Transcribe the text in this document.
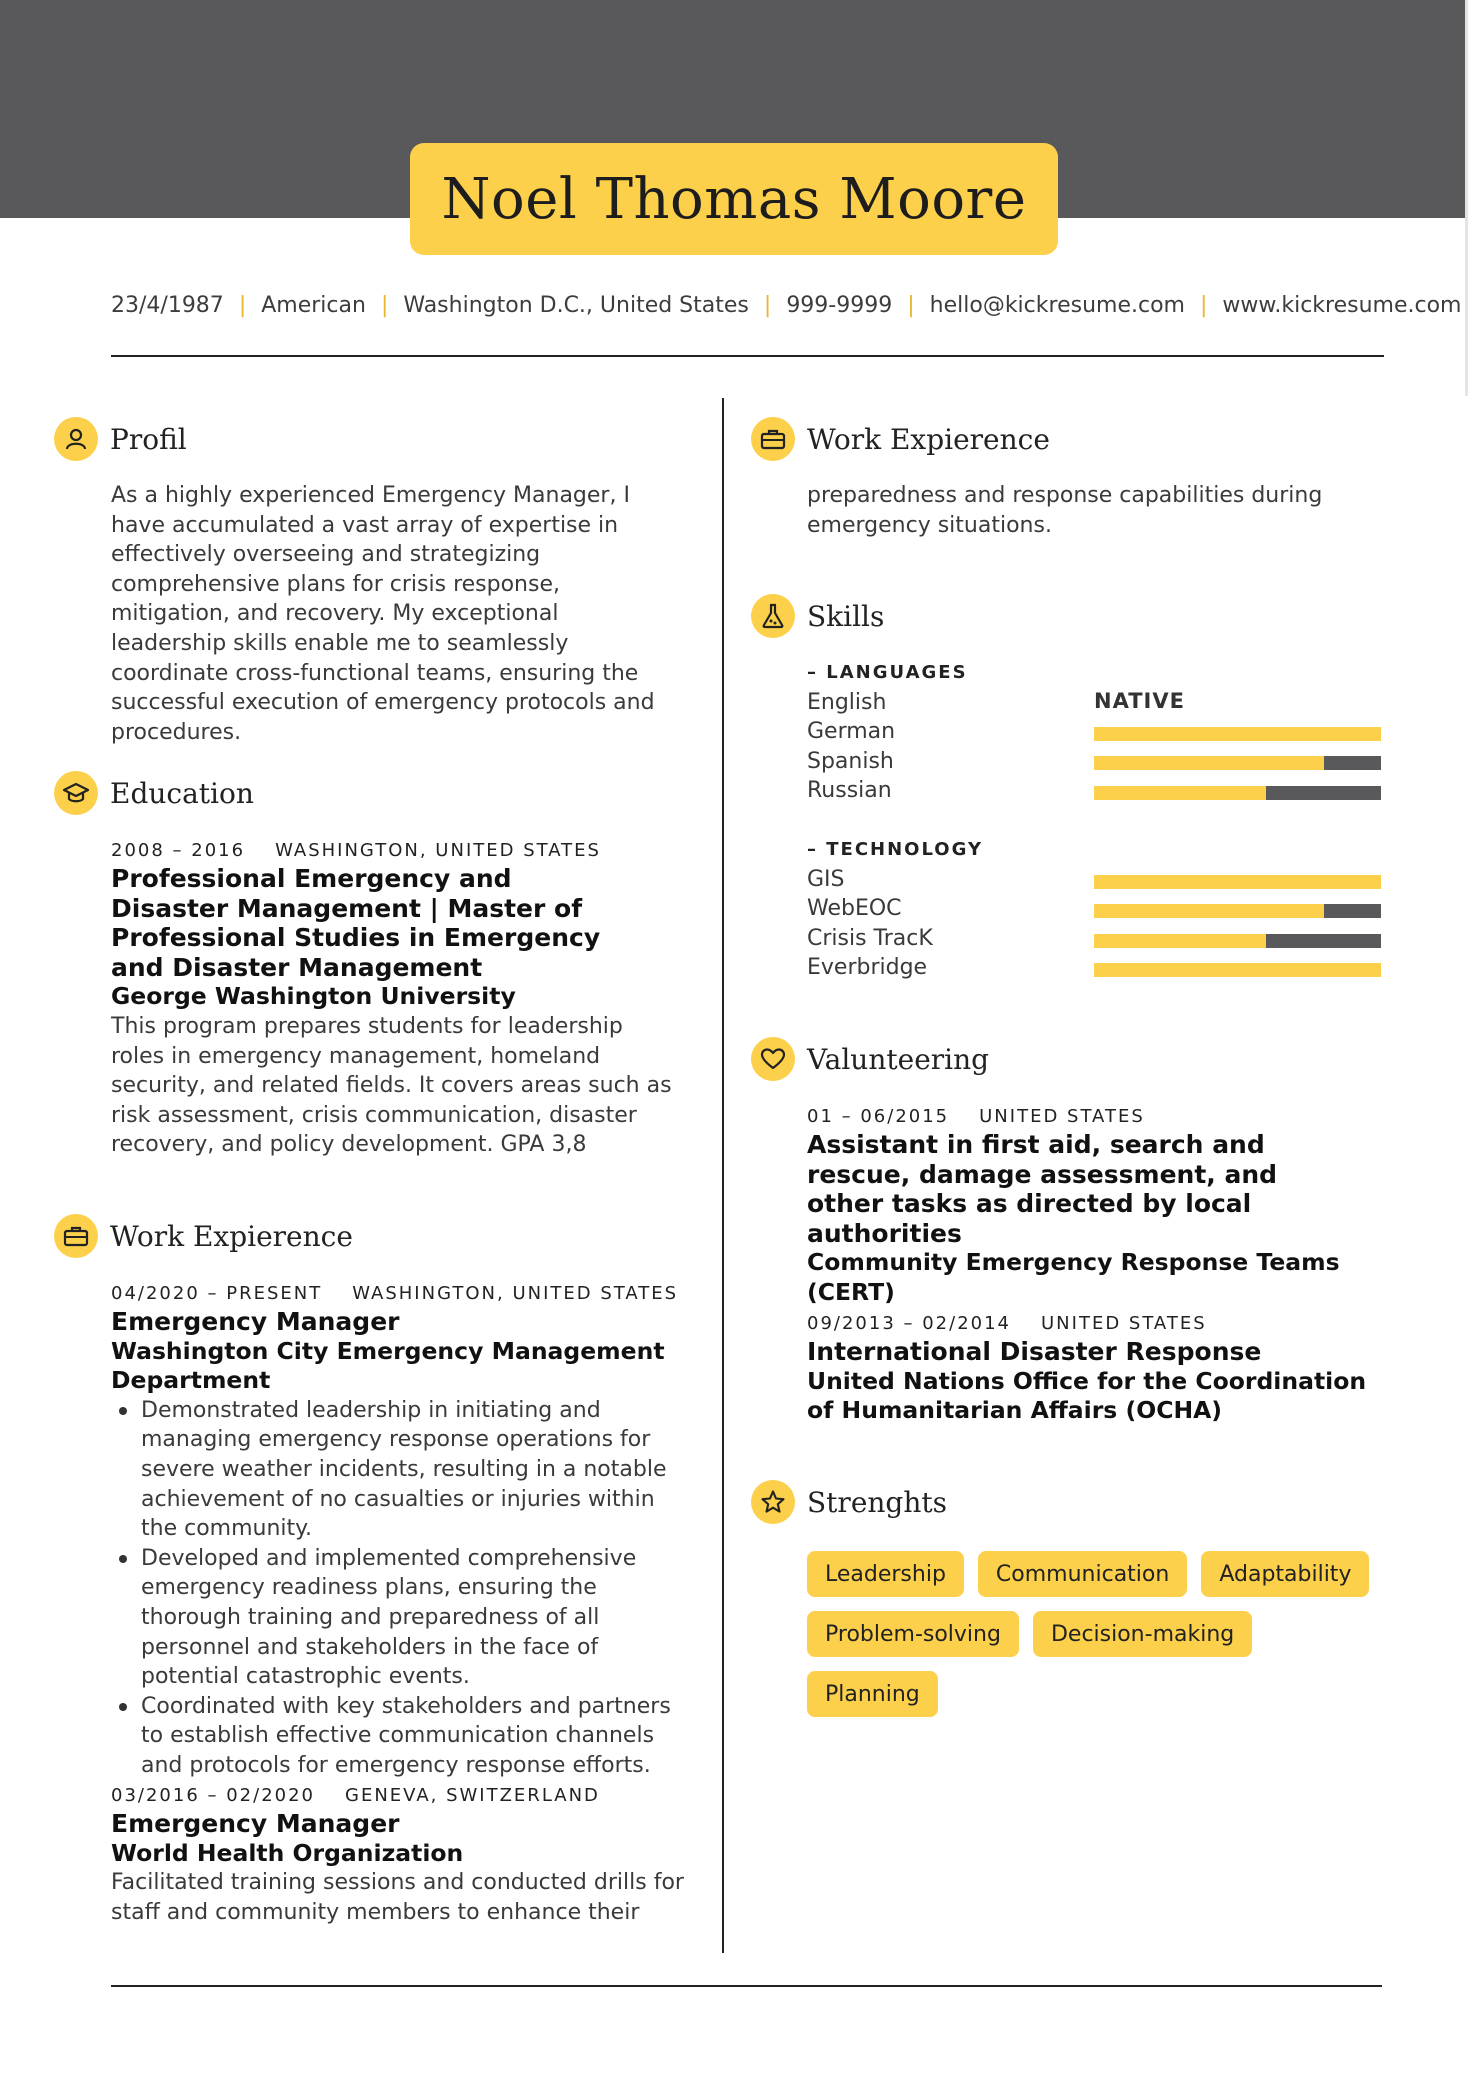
Noel Thomas Moore
23/4/1987 | American | Washington D.C., United States | 999-9999 | hello@kickresume.com | www.kickresume.com
Profil
As a highly experienced Emergency Manager, I have accumulated a vast array of expertise in effectively overseeing and strategizing comprehensive plans for crisis response, mitigation, and recovery. My exceptional leadership skills enable me to seamlessly coordinate cross-functional teams, ensuring the successful execution of emergency protocols and procedures.
Education
2008 – 2016 WASHINGTON, UNITED STATES
Professional Emergency and Disaster Management | Master of Professional Studies in Emergency and Disaster Management
George Washington University
This program prepares students for leadership roles in emergency management, homeland security, and related fields. It covers areas such as risk assessment, crisis communication, disaster recovery, and policy development. GPA 3,8
Work Expierence
04/2020 – PRESENT WASHINGTON, UNITED STATES
Emergency Manager
Washington City Emergency Management Department
Demonstrated leadership in initiating and managing emergency response operations for severe weather incidents, resulting in a notable achievement of no casualties or injuries within the community.
Developed and implemented comprehensive emergency readiness plans, ensuring the thorough training and preparedness of all personnel and stakeholders in the face of potential catastrophic events.
Coordinated with key stakeholders and partners to establish effective communication channels and protocols for emergency response efforts.
03/2016 – 02/2020 GENEVA, SWITZERLAND
Emergency Manager
World Health Organization
Facilitated training sessions and conducted drills for staff and community members to enhance their
Work Expierence
preparedness and response capabilities during emergency situations.
Skills
– LANGUAGES
English	NATIVE
German
Spanish
Russian
– TECHNOLOGY
GIS
WebEOC
Crisis TracK
Everbridge
Valunteering
01 – 06/2015 UNITED STATES
Assistant in first aid, search and rescue, damage assessment, and other tasks as directed by local authorities
Community Emergency Response Teams (CERT)
09/2013 – 02/2014 UNITED STATES
International Disaster Response
United Nations Office for the Coordination of Humanitarian Affairs (OCHA)
Strenghts
Leadership	Communication	Adaptability
Problem-solving	Decision-making
Planning
